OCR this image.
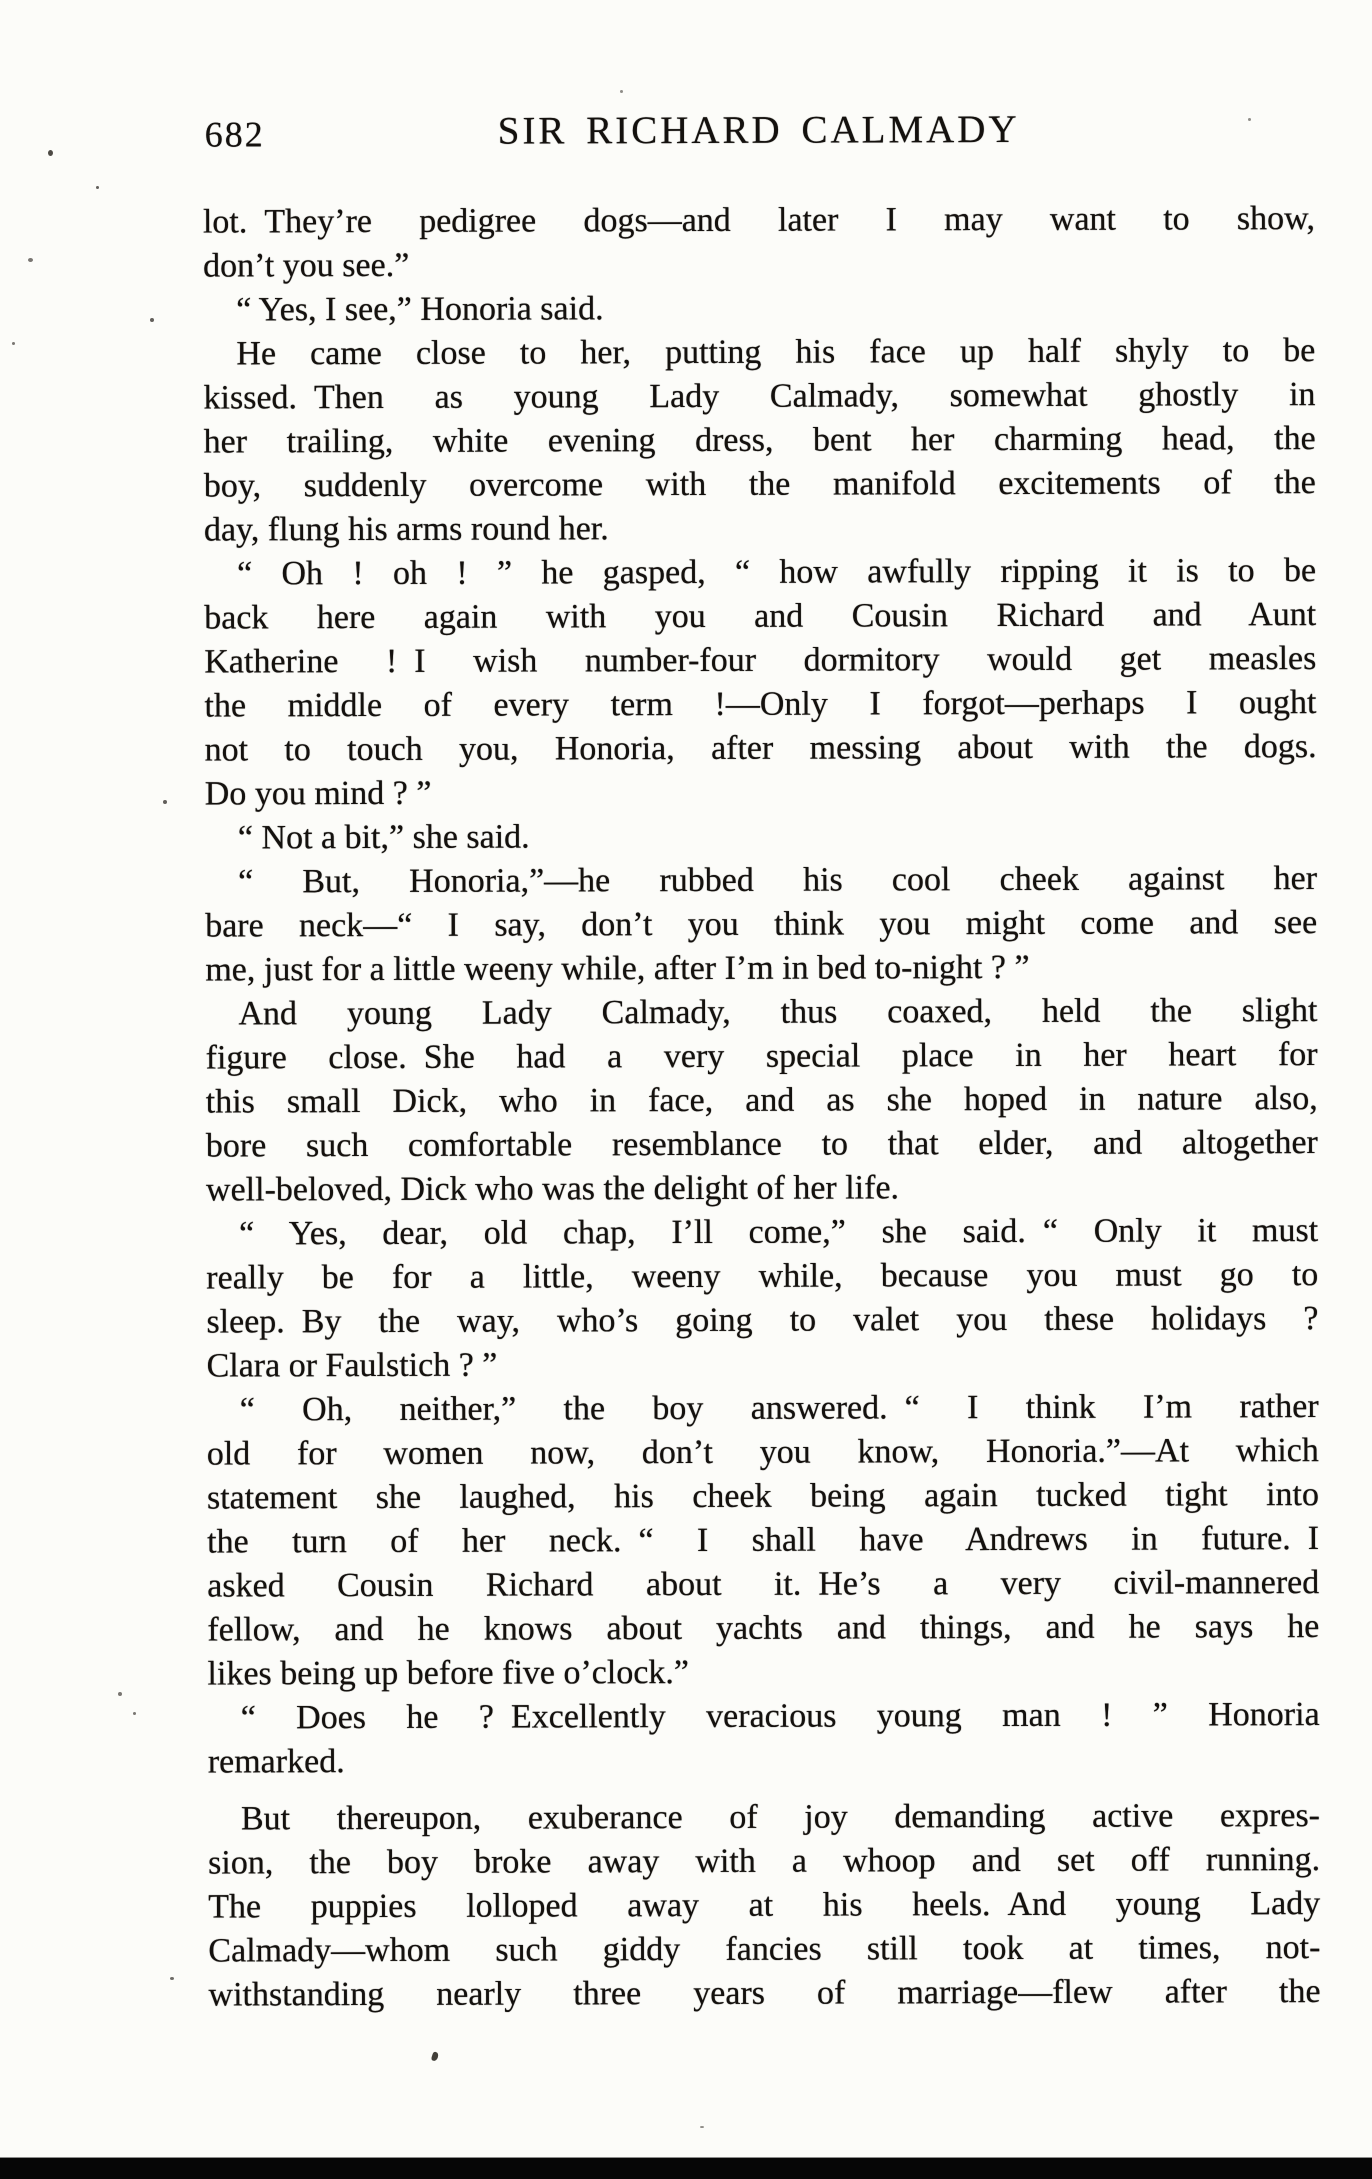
682	SIR RICHARD CALMADY

lot. They’re pedigree dogs—and later I may want to show,
don’t you see.”

“ Yes, I see,” Honoria said.

He came close to her, putting his face up half shyly to be
kissed. Then as young Lady Calmady, somewhat ghostly in
her trailing, white evening dress, bent her charming head, the
boy, suddenly overcome with the manifold excitements of the
day, flung his arms round her.

“ Oh ! oh ! ” he gasped, “ how awfully ripping it is to be
back here again with you and Cousin Richard and Aunt
Katherine ! I wish number-four dormitory would get measles
the middle of every term !—Only I forgot—perhaps I ought
not to touch you, Honoria, after messing about with the dogs.
Do you mind ? ”

“ Not a bit,” she said.

“ But, Honoria,”—he rubbed his cool cheek against her
bare neck—“ I say, don’t you think you might come and see
me, just for a little weeny while, after I’m in bed to-night ? ”

And young Lady Calmady, thus coaxed, held the slight
figure close. She had a very special place in her heart for
this small Dick, who in face, and as she hoped in nature also,
bore such comfortable resemblance to that elder, and altogether
well-beloved, Dick who was the delight of her life.

“ Yes, dear, old chap, I’ll come,” she said. “ Only it must
really be for a little, weeny while, because you must go to
sleep. By the way, who’s going to valet you these holidays ?
Clara or Faulstich ? ”

“ Oh, neither,” the boy answered. “ I think I’m rather
old for women now, don’t you know, Honoria.”—At which
statement she laughed, his cheek being again tucked tight into
the turn of her neck. “ I shall have Andrews in future. I
asked Cousin Richard about it. He’s a very civil-mannered
fellow, and he knows about yachts and things, and he says he
likes being up before five o’clock.”

“ Does he ? Excellently veracious young man ! ” Honoria
remarked.

But thereupon, exuberance of joy demanding active expres-
sion, the boy broke away with a whoop and set off running.
The puppies lolloped away at his heels. And young Lady
Calmady—whom such giddy fancies still took at times, not-
withstanding nearly three years of marriage—flew after the
